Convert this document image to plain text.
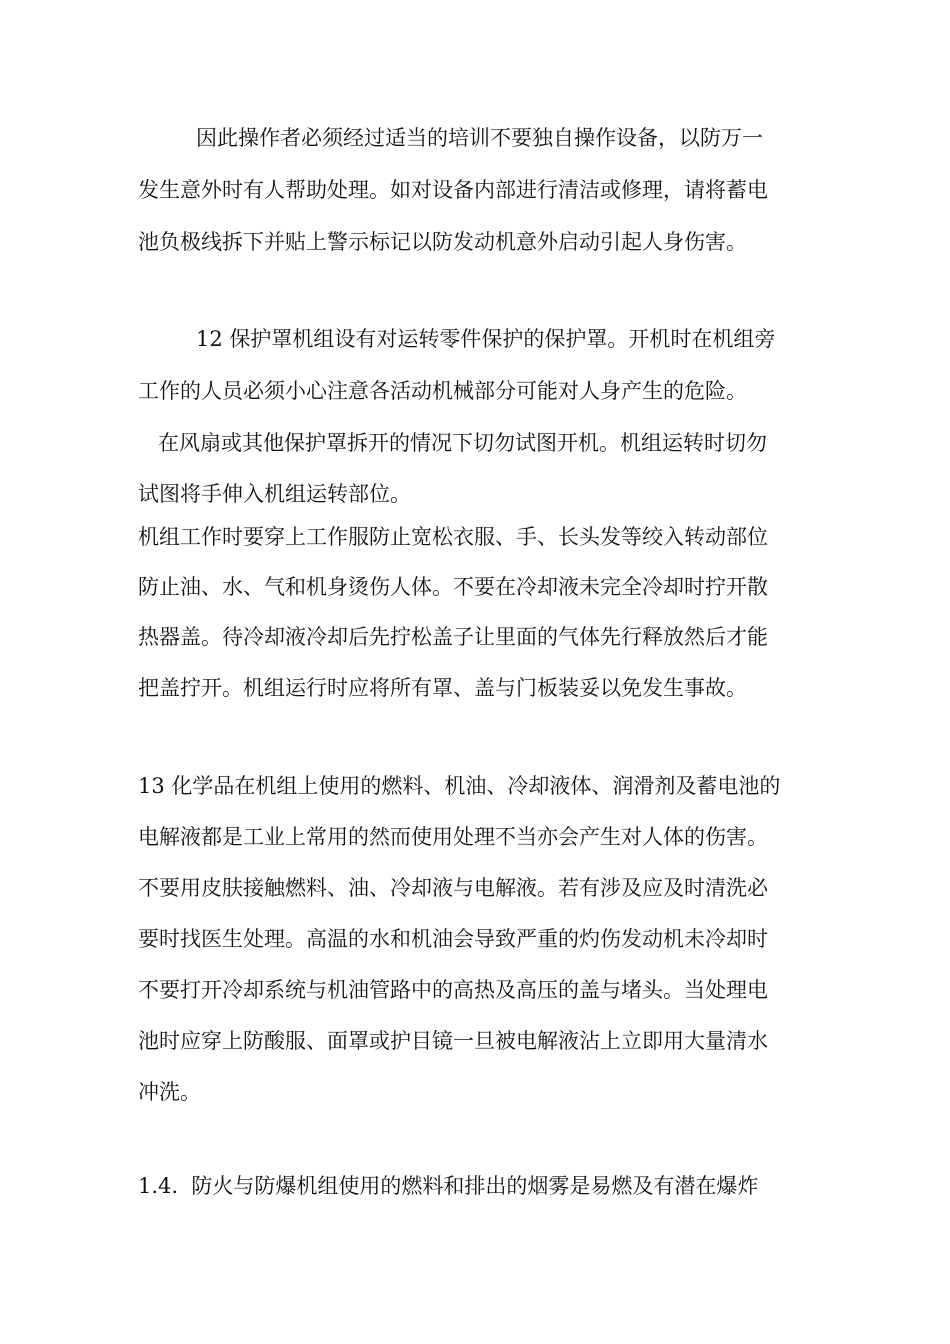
因此操作者必须经过适当的培训不要独自操作设备，以防万一
发生意外时有人帮助处理。如对设备内部进行清洁或修理，请将蓄电
池负极线拆下并贴上警示标记以防发动机意外启动引起人身伤害。
12 保护罩机组设有对运转零件保护的保护罩。开机时在机组旁
工作的人员必须小心注意各活动机械部分可能对人身产生的危险。
在风扇或其他保护罩拆开的情况下切勿试图开机。机组运转时切勿
试图将手伸入机组运转部位。
机组工作时要穿上工作服防止宽松衣服、手、长头发等绞入转动部位
防止油、水、气和机身烫伤人体。不要在冷却液未完全冷却时拧开散
热器盖。待冷却液冷却后先拧松盖子让里面的气体先行释放然后才能
把盖拧开。机组运行时应将所有罩、盖与门板装妥以免发生事故。
13 化学品在机组上使用的燃料、机油、冷却液体、润滑剂及蓄电池的
电解液都是工业上常用的然而使用处理不当亦会产生对人体的伤害。
不要用皮肤接触燃料、油、冷却液与电解液。若有涉及应及时清洗必
要时找医生处理。高温的水和机油会导致严重的灼伤发动机未冷却时
不要打开冷却系统与机油管路中的高热及高压的盖与堵头。当处理电
池时应穿上防酸服、面罩或护目镜一旦被电解液沾上立即用大量清水
冲洗。
1.4.  防火与防爆机组使用的燃料和排出的烟雾是易燃及有潜在爆炸
